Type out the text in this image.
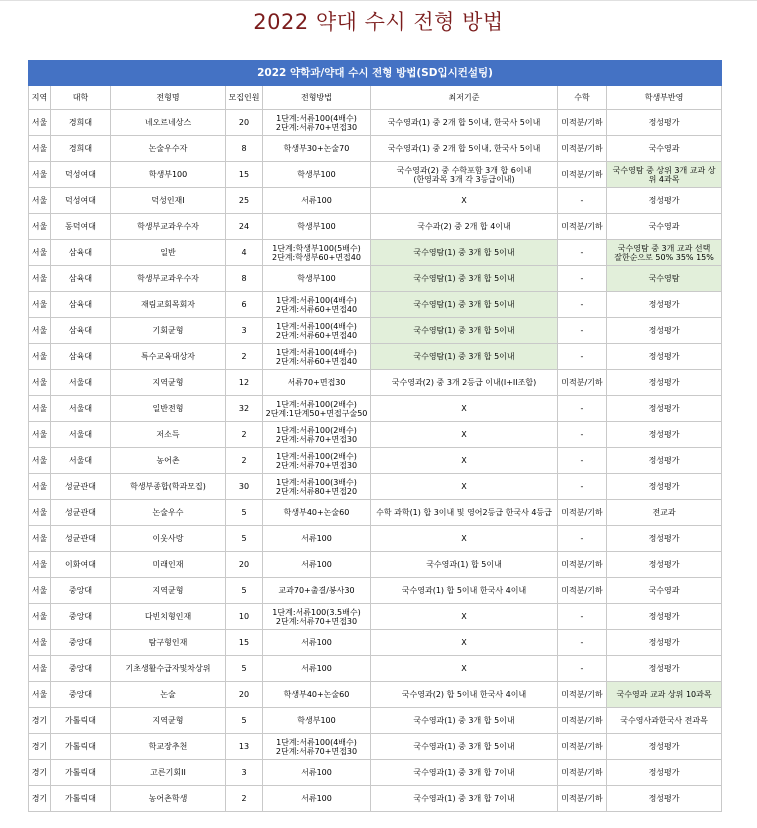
2022 약대 수시 전형 방법
2022 약학과/약대 수시 전형 방법(SD입시컨설팅)							
지역	대학	전형명	모집인원	전형방법	최저기준	수학	학생부반영
서울	경희대	네오르네상스	20	1단계:서류100(4배수)
2단계:서류70+면접30	국수영과(1) 중 2개 합 5이내, 한국사 5이내	미적분/기하	정성평가
서울	경희대	논술우수자	8	학생부30+논술70	국수영과(1) 중 2개 합 5이내, 한국사 5이내	미적분/기하	국수영과
서울	덕성여대	학생부100	15	학생부100	국수영과(2) 중 수학포함 3개 합 6이내
(한영과목 3개 각 3등급이내)	미적분/기하	국수영탐 중 상위 3개 교과 상위 4과목
서울	덕성여대	덕성인재I	25	서류100	X	-	정성평가
서울	동덕여대	학생부교과우수자	24	학생부100	국수과(2) 중 2개 합 4이내	미적분/기하	국수영과
서울	삼육대	일반	4	1단계:학생부100(5배수)
2단계:학생부60+면접40	국수영탐(1) 중 3개 합 5이내	-	국수영탐 중 3개 교과 선택
잘한순으로 50% 35% 15%
서울	삼육대	학생부교과우수자	8	학생부100	국수영탐(1) 중 3개 합 5이내	-	국수영탐
서울	삼육대	재림교회목회자	6	1단계:서류100(4배수)
2단계:서류60+면접40	국수영탐(1) 중 3개 합 5이내	-	정성평가
서울	삼육대	기회균형	3	1단계:서류100(4배수)
2단계:서류60+면접40	국수영탐(1) 중 3개 합 5이내	-	정성평가
서울	삼육대	특수교육대상자	2	1단계:서류100(4배수)
2단계:서류60+면접40	국수영탐(1) 중 3개 합 5이내	-	정성평가
서울	서울대	지역균형	12	서류70+면접30	국수영과(2) 중 3개 2등급 이내(I+II조합)	미적분/기하	정성평가
서울	서울대	일반전형	32	1단계:서류100(2배수)
2단계:1단계50+면접구술50	X	-	정성평가
서울	서울대	저소득	2	1단계:서류100(2배수)
2단계:서류70+면접30	X	-	정성평가
서울	서울대	농어촌	2	1단계:서류100(2배수)
2단계:서류70+면접30	X	-	정성평가
서울	성균관대	학생부종합(학과모집)	30	1단계:서류100(3배수)
2단계:서류80+면접20	X	-	정성평가
서울	성균관대	논술우수	5	학생부40+논술60	수학 과학(1) 합 3이내 및 영어2등급 한국사 4등급	미적분/기하	전교과
서울	성균관대	이웃사랑	5	서류100	X	-	정성평가
서울	이화여대	미래인재	20	서류100	국수영과(1) 합 5이내	미적분/기하	정성평가
서울	중앙대	지역균형	5	교과70+출결/봉사30	국수영과(1) 합 5이내 한국사 4이내	미적분/기하	국수영과
서울	중앙대	다빈치형인재	10	1단계:서류100(3.5배수)
2단계:서류70+면접30	X	-	정성평가
서울	중앙대	탐구형인재	15	서류100	X	-	정성평가
서울	중앙대	기초생활수급자및차상위	5	서류100	X	-	정성평가
서울	중앙대	논술	20	학생부40+논술60	국수영과(2) 합 5이내 한국사 4이내	미적분/기하	국수영과 교과 상위 10과목
경기	가톨릭대	지역균형	5	학생부100	국수영과(1) 중 3개 합 5이내	미적분/기하	국수영사과한국사 전과목
경기	가톨릭대	학교장추천	13	1단계:서류100(4배수)
2단계:서류70+면접30	국수영과(1) 중 3개 합 5이내	미적분/기하	정성평가
경기	가톨릭대	고른기회II	3	서류100	국수영과(1) 중 3개 합 7이내	미적분/기하	정성평가
경기	가톨릭대	농어촌학생	2	서류100	국수영과(1) 중 3개 합 7이내	미적분/기하	정성평가
